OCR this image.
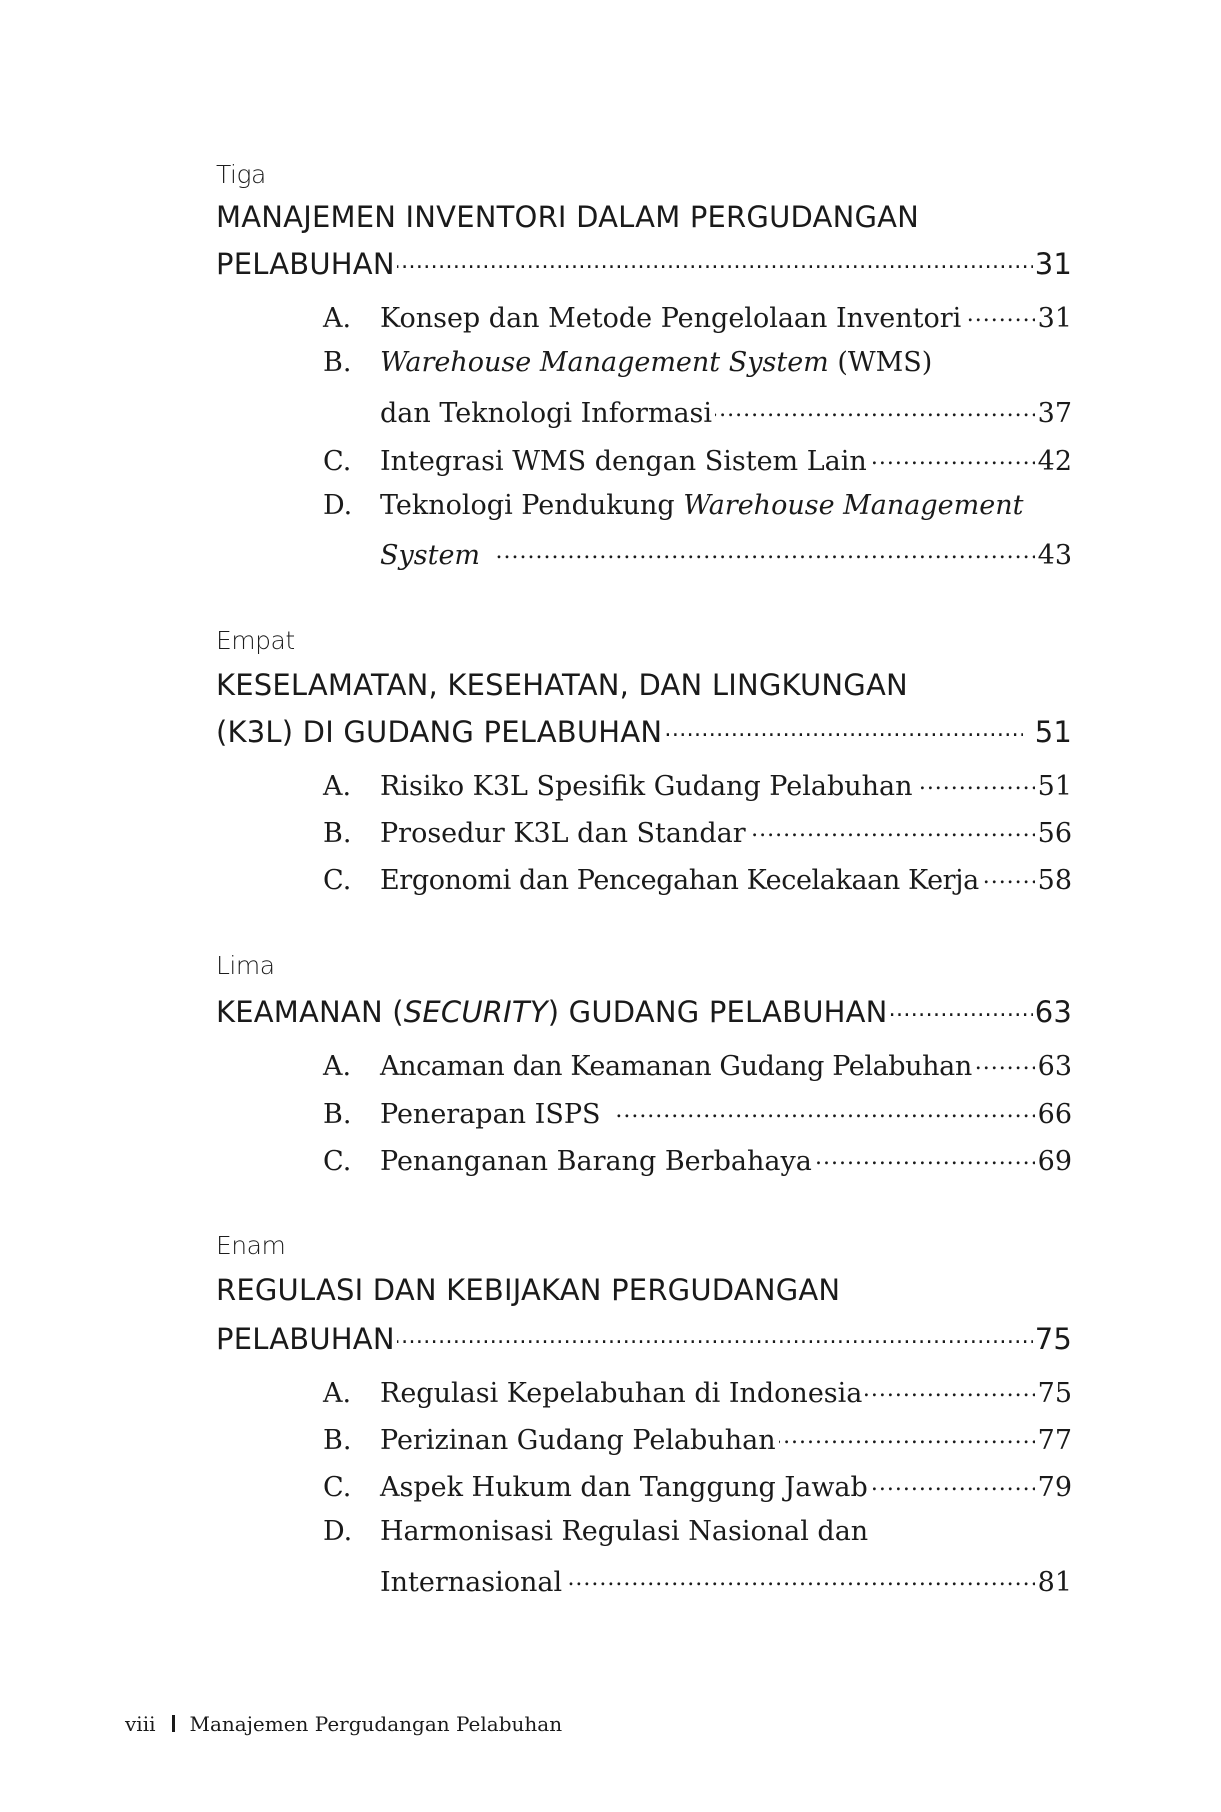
Tiga
MANAJEMEN INVENTORI DALAM PERGUDANGAN
PELABUHAN . . .	31
A.	Konsep dan Metode Pengelolaan Inventori . . .	31
B.	Warehouse Management System (WMS)
dan Teknologi Informasi . . .	37
C.	Integrasi WMS dengan Sistem Lain . . .	42
D.	Teknologi Pendukung Warehouse Management
System . . .	43
Empat
KESELAMATAN, KESEHATAN, DAN LINGKUNGAN
(K3L) DI GUDANG PELABUHAN . . .	51
A.	Risiko K3L Spesifik Gudang Pelabuhan . . .	51
B.	Prosedur K3L dan Standar . . .	56
C.	Ergonomi dan Pencegahan Kecelakaan Kerja . . . 58
Lima
KEAMANAN (SECURITY) GUDANG PELABUHAN . . .	63
A.	Ancaman dan Keamanan Gudang Pelabuhan . . . 63
B.	Penerapan ISPS . . .	66
C.	Penanganan Barang Berbahaya . . .	69
Enam
REGULASI DAN KEBIJAKAN PERGUDANGAN
PELABUHAN . . .	75
A.	Regulasi Kepelabuhan di Indonesia . . .	75
B.	Perizinan Gudang Pelabuhan . . .	77
C.	Aspek Hukum dan Tanggung Jawab . . .	79
D.	Harmonisasi Regulasi Nasional dan
Internasional . . .	81
viii Manajemen Pergudangan Pelabuhan
